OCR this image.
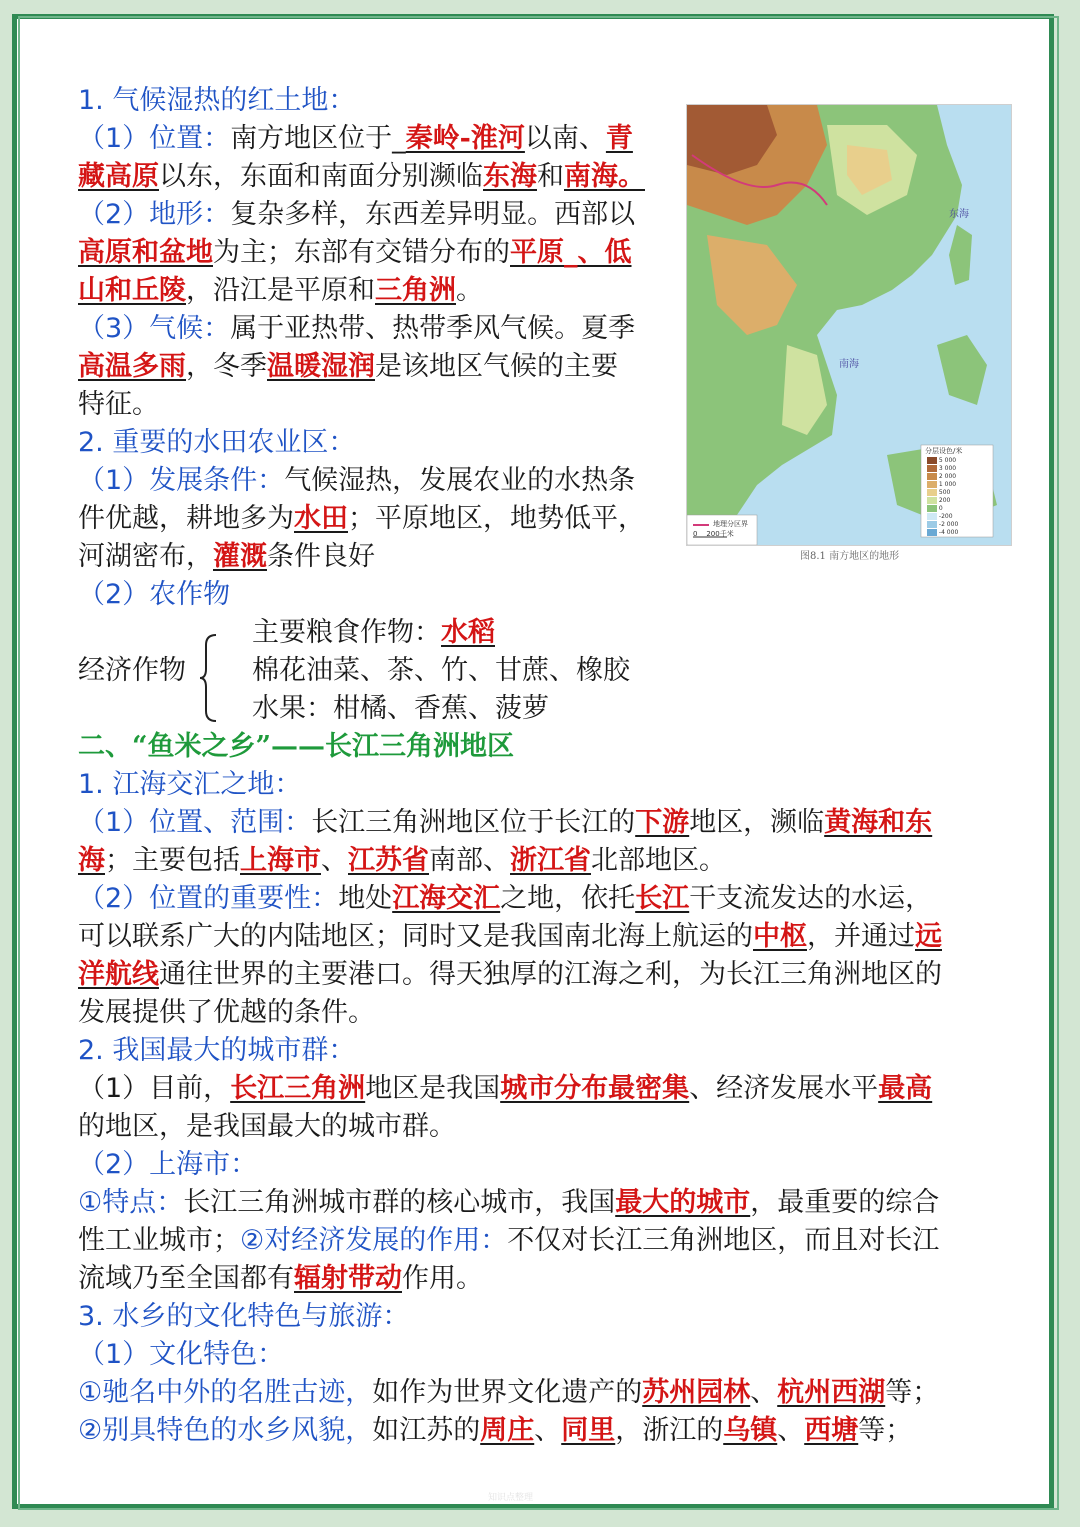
南海
东海
分层设色/米
5 000
3 000
2 000
1 000
500
200
0
-200
-2 000
-4 000
地理分区界
0    200千米
图8.1 南方地区的地形
1. 气候湿热的红土地：
（1）位置：南方地区位于_秦岭-淮河以南、青
藏高原以东，东面和南面分别濒临东海和南海。
（2）地形：复杂多样，东西差异明显。西部以
高原和盆地为主；东部有交错分布的平原_、低
山和丘陵，沿江是平原和三角洲。
（3）气候：属于亚热带、热带季风气候。夏季
高温多雨，冬季温暖湿润是该地区气候的主要
特征。
2. 重要的水田农业区：
（1）发展条件：气候湿热，发展农业的水热条
件优越，耕地多为水田；平原地区，地势低平，
河湖密布，灌溉条件良好
（2）农作物
主要粮食作物：水稻
经济作物 棉花油菜、茶、竹、甘蔗、橡胶
水果：柑橘、香蕉、菠萝
二、“鱼米之乡”——长江三角洲地区
1. 江海交汇之地：
（1）位置、范围：长江三角洲地区位于长江的下游地区，濒临黄海和东
海；主要包括上海市、江苏省南部、浙江省北部地区。
（2）位置的重要性：地处江海交汇之地，依托长江干支流发达的水运，
可以联系广大的内陆地区；同时又是我国南北海上航运的中枢，并通过远
洋航线通往世界的主要港口。得天独厚的江海之利，为长江三角洲地区的
发展提供了优越的条件。
2. 我国最大的城市群：
（1）目前，长江三角洲地区是我国城市分布最密集、经济发展水平最高
的地区，是我国最大的城市群。
（2）上海市：
①特点：长江三角洲城市群的核心城市，我国最大的城市，最重要的综合
性工业城市；②对经济发展的作用：不仅对长江三角洲地区，而且对长江
流域乃至全国都有辐射带动作用。
3. 水乡的文化特色与旅游：
（1）文化特色：
①驰名中外的名胜古迹，如作为世界文化遗产的苏州园林、杭州西湖等；
②别具特色的水乡风貌，如江苏的周庄、同里，浙江的乌镇、西塘等；
知识点整理
